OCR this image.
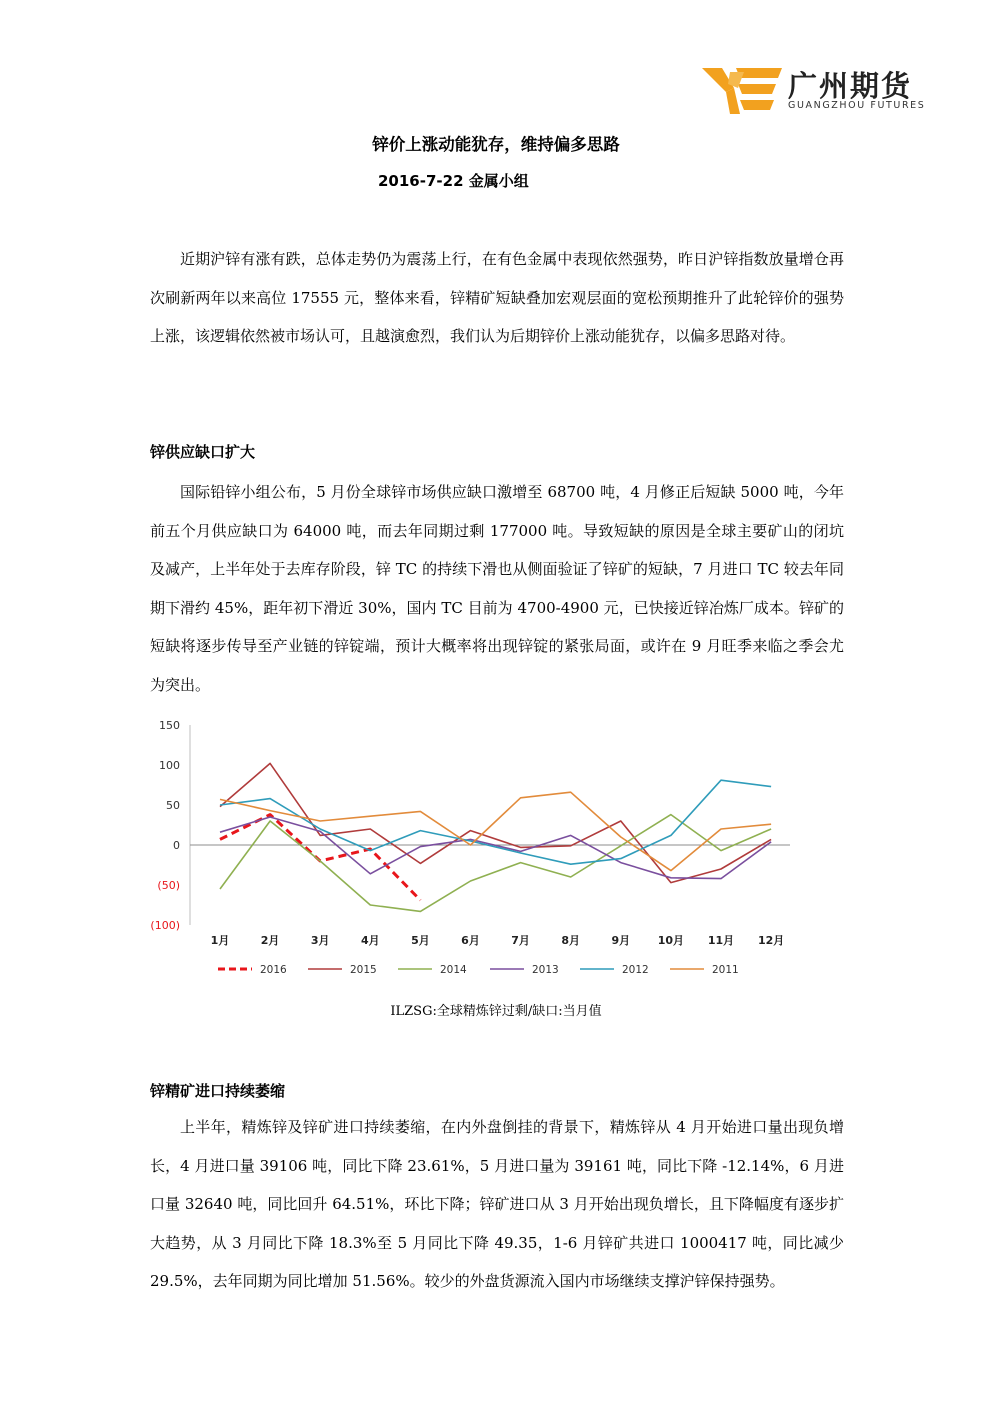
广州期货
GUANGZHOU FUTURES
锌价上涨动能犹存，维持偏多思路
2016-7-22 金属小组

近期沪锌有涨有跌，总体走势仍为震荡上行，在有色金属中表现依然强势，昨日沪锌指数放量增仓再次刷新两年以来高位 17555 元，整体来看，锌精矿短缺叠加宏观层面的宽松预期推升了此轮锌价的强势上涨，该逻辑依然被市场认可，且越演愈烈，我们认为后期锌价上涨动能犹存，以偏多思路对待。

锌供应缺口扩大

国际铅锌小组公布，5 月份全球锌市场供应缺口激增至 68700 吨，4 月修正后短缺 5000 吨，今年前五个月供应缺口为 64000 吨，而去年同期过剩 177000 吨。导致短缺的原因是全球主要矿山的闭坑及减产，上半年处于去库存阶段，锌 TC 的持续下滑也从侧面验证了锌矿的短缺，7 月进口 TC 较去年同期下滑约 45%，距年初下滑近 30%，国内 TC 目前为 4700-4900 元，已快接近锌冶炼厂成本。锌矿的短缺将逐步传导至产业链的锌锭端，预计大概率将出现锌锭的紧张局面，或许在 9 月旺季来临之季会尤为突出。

150
100
50
0
(50)
(100)
1月	2月	3月	4月	5月	6月	7月	8月	9月	10月 11月 12月
2016	2015	2014	2013	2012	2011
ILZSG:全球精炼锌过剩/缺口:当月值
锌精矿进口持续萎缩

上半年，精炼锌及锌矿进口持续萎缩，在内外盘倒挂的背景下，精炼锌从 4 月开始进口量出现负增长，4 月进口量 39106 吨，同比下降 23.61%，5 月进口量为 39161 吨，同比下降 -12.14%，6 月进口量 32640 吨，同比回升 64.51%，环比下降；锌矿进口从 3 月开始出现负增长，且下降幅度有逐步扩大趋势，从 3 月同比下降 18.3%至 5 月同比下降 49.35，1-6 月锌矿共进口 1000417 吨，同比减少 29.5%，去年同期为同比增加 51.56%。较少的外盘货源流入国内市场继续支撑沪锌保持强势。
